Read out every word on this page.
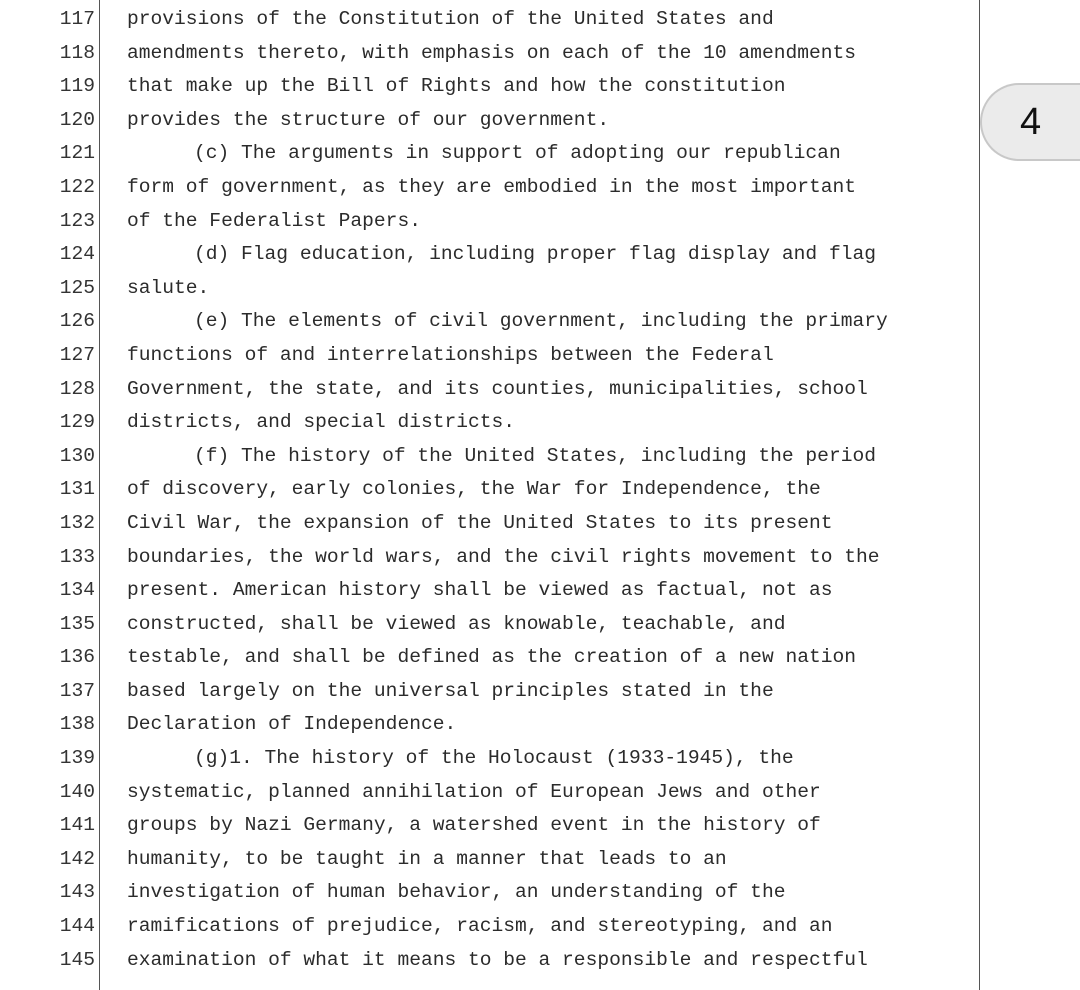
117 provisions of the Constitution of the United States and
118 amendments thereto, with emphasis on each of the 10 amendments
119 that make up the Bill of Rights and how the constitution
120 provides the structure of our government.
121	(c) The arguments in support of adopting our republican
122 form of government, as they are embodied in the most important
123 of the Federalist Papers.
124	(d) Flag education, including proper flag display and flag
125 salute.
126	(e) The elements of civil government, including the primary
127 functions of and interrelationships between the Federal
128 Government, the state, and its counties, municipalities, school
129 districts, and special districts.
130	(f) The history of the United States, including the period
131 of discovery, early colonies, the War for Independence, the
132 Civil War, the expansion of the United States to its present
133 boundaries, the world wars, and the civil rights movement to the
134 present. American history shall be viewed as factual, not as
135 constructed, shall be viewed as knowable, teachable, and
136 testable, and shall be defined as the creation of a new nation
137 based largely on the universal principles stated in the
138 Declaration of Independence.
139	(g)1. The history of the Holocaust (1933-1945), the
140 systematic, planned annihilation of European Jews and other
141 groups by Nazi Germany, a watershed event in the history of
142 humanity, to be taught in a manner that leads to an
143 investigation of human behavior, an understanding of the
144 ramifications of prejudice, racism, and stereotyping, and an
145 examination of what it means to be a responsible and respectful
4
